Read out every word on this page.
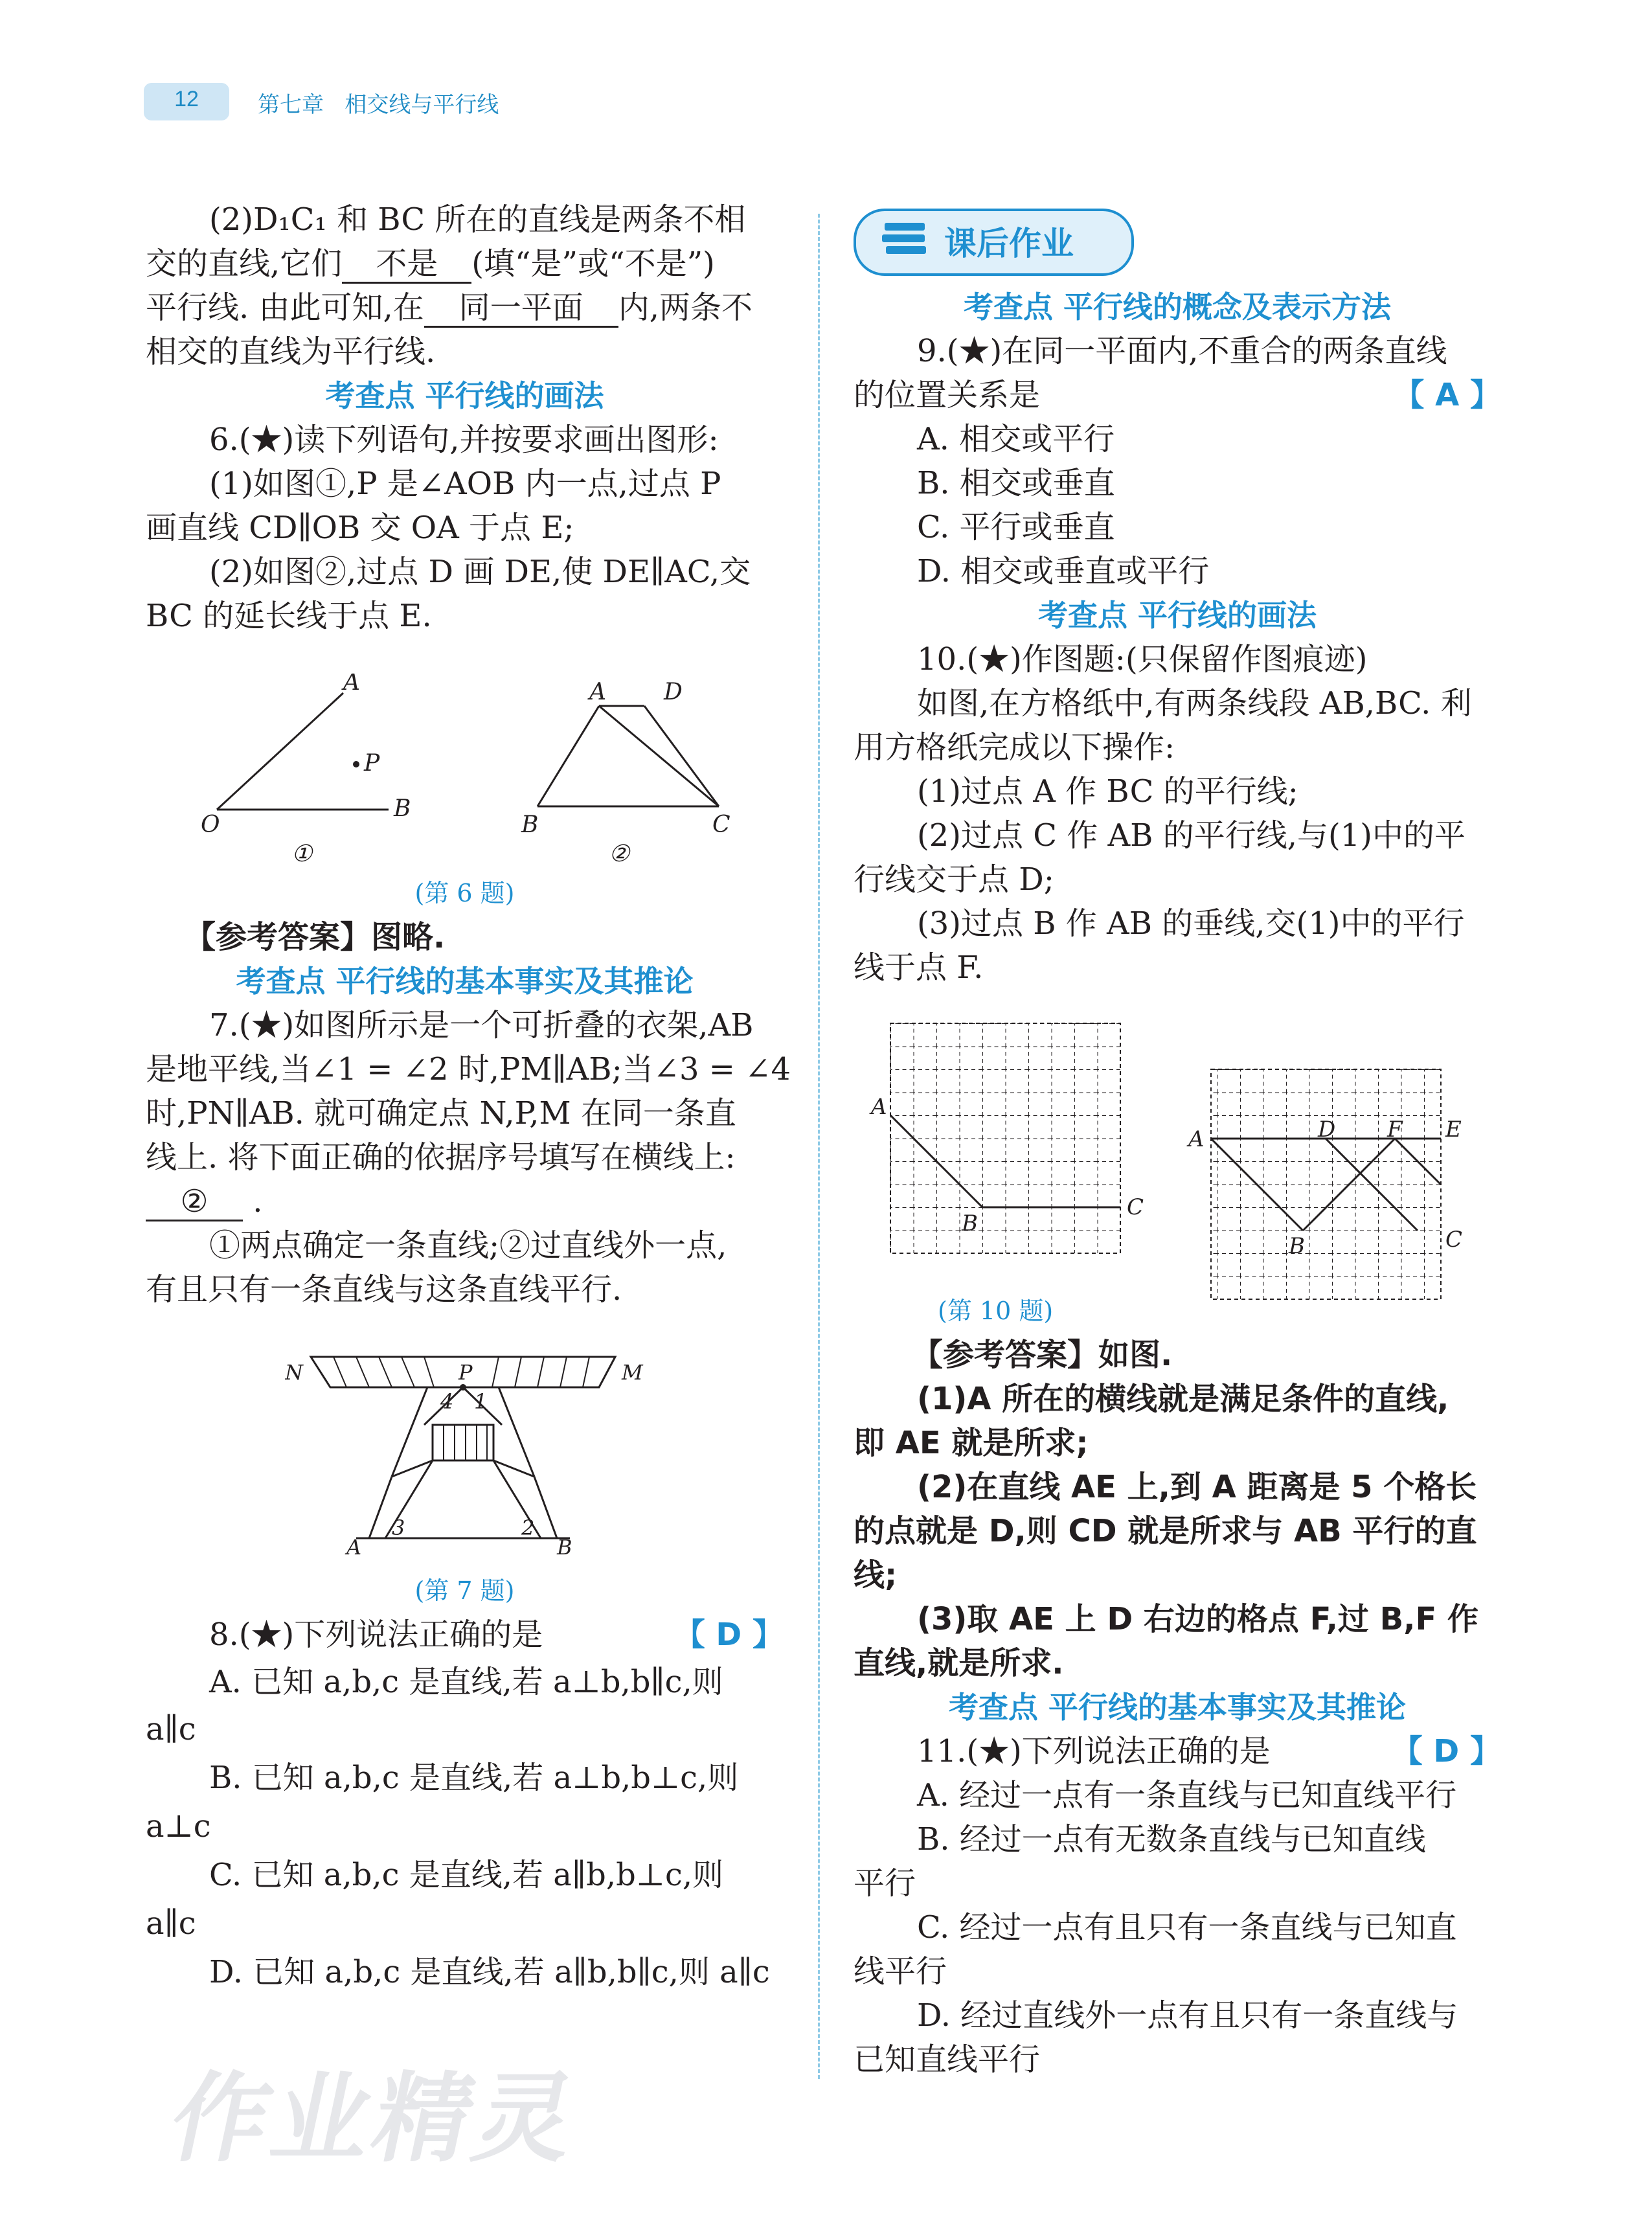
12	第七章   相交线与平行线

(2)D₁C₁ 和 BC 所在的直线是两条不相

交的直线,它们 不是 (填“是”或“不是”)

平行线. 由此可知,在 同一平面 内,两条不

相交的直线为平行线.

考查点 平行线的画法

6.(★)读下列语句,并按要求画出图形:

(1)如图①,P 是∠AOB 内一点,过点 P

画直线 CD∥OB 交 OA 于点 E;

(2)如图②,过点 D 画 DE,使 DE∥AC,交

BC 的延长线于点 E.

A
P
O
B
①
A D
B	C
②

(第 6 题)

【参考答案】图略.

考查点 平行线的基本事实及其推论

7.(★)如图所示是一个可折叠的衣架,AB

是地平线,当∠1 = ∠2 时,PM∥AB;当∠3 = ∠4

时,PN∥AB. 就可确定点 N,P,M 在同一条直

线上. 将下面正确的依据序号填写在横线上:

② .

①两点确定一条直线;②过直线外一点,

有且只有一条直线与这条直线平行.

N	M
P
4 1
A	B
3	2

(第 7 题)

8.(★)下列说法正确的是	【 D 】

A. 已知 a,b,c 是直线,若 a⊥b,b∥c,则

a∥c

B. 已知 a,b,c 是直线,若 a⊥b,b⊥c,则

a⊥c

C. 已知 a,b,c 是直线,若 a∥b,b⊥c,则

a∥c

D. 已知 a,b,c 是直线,若 a∥b,b∥c,则 a∥c

课后作业

考查点 平行线的概念及表示方法

9.(★)在同一平面内,不重合的两条直线

的位置关系是	【 A 】

A. 相交或平行

B. 相交或垂直

C. 平行或垂直

D. 相交或垂直或平行

考查点 平行线的画法

10.(★)作图题:(只保留作图痕迹)

如图,在方格纸中,有两条线段 AB,BC. 利

用方格纸完成以下操作:

(1)过点 A 作 BC 的平行线;

(2)过点 C 作 AB 的平行线,与(1)中的平

行线交于点 D;

(3)过点 B 作 AB 的垂线,交(1)中的平行

线于点 F.

A
B
C
A	D F E
B	C

(第 10 题)

【参考答案】如图.

(1)A 所在的横线就是满足条件的直线,

即 AE 就是所求;

(2)在直线 AE 上,到 A 距离是 5 个格长

的点就是 D,则 CD 就是所求与 AB 平行的直

线;

(3)取 AE 上 D 右边的格点 F,过 B,F 作

直线,就是所求.

考查点 平行线的基本事实及其推论

11.(★)下列说法正确的是	【 D 】

A. 经过一点有一条直线与已知直线平行

B. 经过一点有无数条直线与已知直线

平行

C. 经过一点有且只有一条直线与已知直

线平行

D. 经过直线外一点有且只有一条直线与

已知直线平行

作业精灵
